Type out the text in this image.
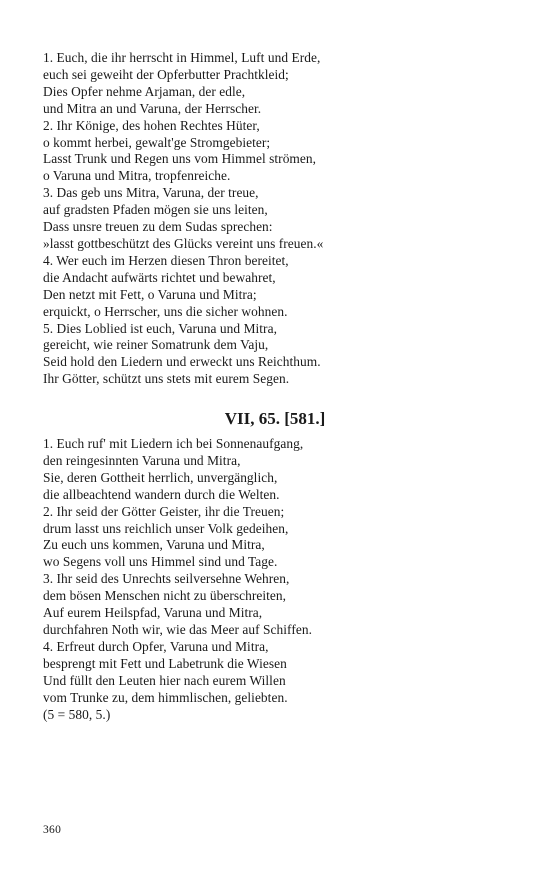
1. Euch, die ihr herrscht in Himmel, Luft und Erde,
euch sei geweiht der Opferbutter Prachtkleid;
Dies Opfer nehme Arjaman, der edle,
und Mitra an und Varuna, der Herrscher.
2. Ihr Könige, des hohen Rechtes Hüter,
o kommt herbei, gewalt'ge Stromgebieter;
Lasst Trunk und Regen uns vom Himmel strömen,
o Varuna und Mitra, tropfenreiche.
3. Das geb uns Mitra, Varuna, der treue,
auf gradsten Pfaden mögen sie uns leiten,
Dass unsre treuen zu dem Sudas sprechen:
»lasst gottbeschützt des Glücks vereint uns freuen.«
4. Wer euch im Herzen diesen Thron bereitet,
die Andacht aufwärts richtet und bewahret,
Den netzt mit Fett, o Varuna und Mitra;
erquickt, o Herrscher, uns die sicher wohnen.
5. Dies Loblied ist euch, Varuna und Mitra,
gereicht, wie reiner Somatrunk dem Vaju,
Seid hold den Liedern und erweckt uns Reichthum.
Ihr Götter, schützt uns stets mit eurem Segen.
VII, 65. [581.]
1. Euch ruf' mit Liedern ich bei Sonnenaufgang,
den reingesinnten Varuna und Mitra,
Sie, deren Gottheit herrlich, unvergänglich,
die allbeachtend wandern durch die Welten.
2. Ihr seid der Götter Geister, ihr die Treuen;
drum lasst uns reichlich unser Volk gedeihen,
Zu euch uns kommen, Varuna und Mitra,
wo Segens voll uns Himmel sind und Tage.
3. Ihr seid des Unrechts seilversehne Wehren,
dem bösen Menschen nicht zu überschreiten,
Auf eurem Heilspfad, Varuna und Mitra,
durchfahren Noth wir, wie das Meer auf Schiffen.
4. Erfreut durch Opfer, Varuna und Mitra,
besprengt mit Fett und Labetrunk die Wiesen
Und füllt den Leuten hier nach eurem Willen
vom Trunke zu, dem himmlischen, geliebten.
(5 = 580, 5.)
360
